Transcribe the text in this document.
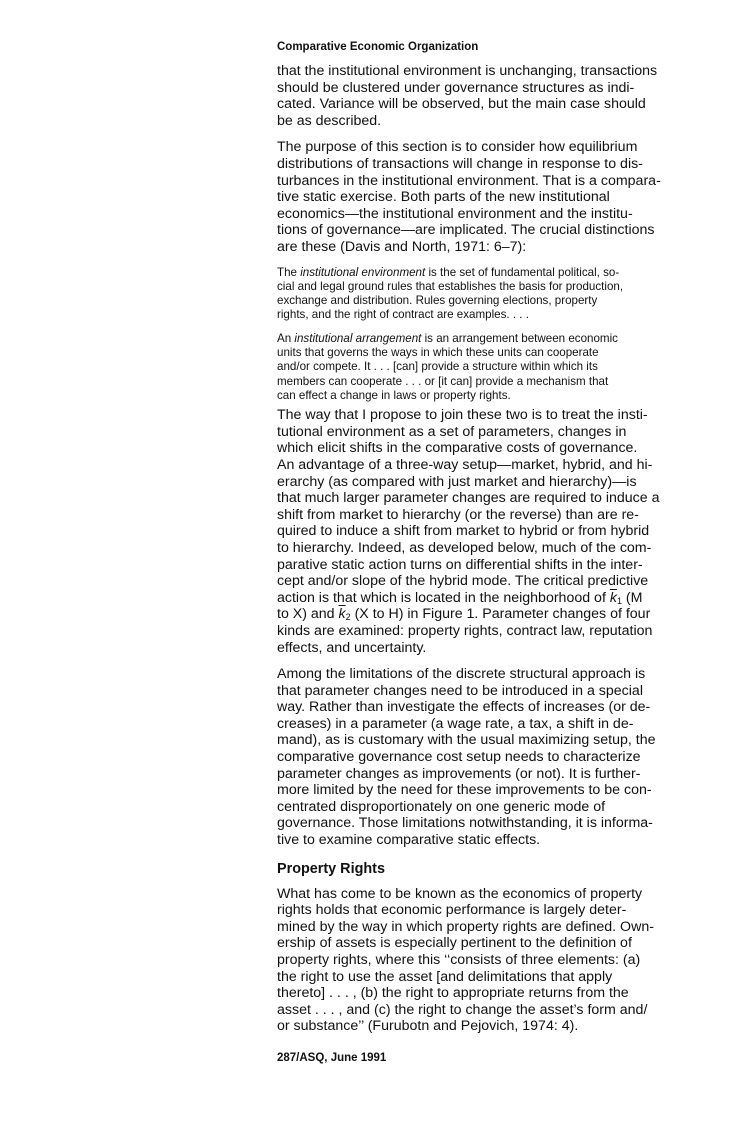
Comparative Economic Organization

that the institutional environment is unchanging, transactions
should be clustered under governance structures as indi-
cated. Variance will be observed, but the main case should
be as described.

The purpose of this section is to consider how equilibrium
distributions of transactions will change in response to dis-
turbances in the institutional environment. That is a compara-
tive static exercise. Both parts of the new institutional
economics—the institutional environment and the institu-
tions of governance—are implicated. The crucial distinctions
are these (Davis and North, 1971: 6–7):

The institutional environment is the set of fundamental political, so-
cial and legal ground rules that establishes the basis for production,
exchange and distribution. Rules governing elections, property
rights, and the right of contract are examples. . . .

An institutional arrangement is an arrangement between economic
units that governs the ways in which these units can cooperate
and/or compete. It . . . [can] provide a structure within which its
members can cooperate . . . or [it can] provide a mechanism that
can effect a change in laws or property rights.

The way that I propose to join these two is to treat the insti-
tutional environment as a set of parameters, changes in
which elicit shifts in the comparative costs of governance.
An advantage of a three-way setup—market, hybrid, and hi-
erarchy (as compared with just market and hierarchy)—is
that much larger parameter changes are required to induce a
shift from market to hierarchy (or the reverse) than are re-
quired to induce a shift from market to hybrid or from hybrid
to hierarchy. Indeed, as developed below, much of the com-
parative static action turns on differential shifts in the inter-
cept and/or slope of the hybrid mode. The critical predictive
action is that which is located in the neighborhood of $\overline{k}_1$ (M
to X) and $\overline{k}_2$ (X to H) in Figure 1. Parameter changes of four
kinds are examined: property rights, contract law, reputation
effects, and uncertainty.

Among the limitations of the discrete structural approach is
that parameter changes need to be introduced in a special
way. Rather than investigate the effects of increases (or de-
creases) in a parameter (a wage rate, a tax, a shift in de-
mand), as is customary with the usual maximizing setup, the
comparative governance cost setup needs to characterize
parameter changes as improvements (or not). It is further-
more limited by the need for these improvements to be con-
centrated disproportionately on one generic mode of
governance. Those limitations notwithstanding, it is informa-
tive to examine comparative static effects.

Property Rights

What has come to be known as the economics of property
rights holds that economic performance is largely deter-
mined by the way in which property rights are defined. Own-
ership of assets is especially pertinent to the definition of
property rights, where this ‘‘consists of three elements: (a)
the right to use the asset [and delimitations that apply
thereto] . . . , (b) the right to appropriate returns from the
asset . . . , and (c) the right to change the asset’s form and/
or substance’’ (Furubotn and Pejovich, 1974: 4).

287/ASQ, June 1991
